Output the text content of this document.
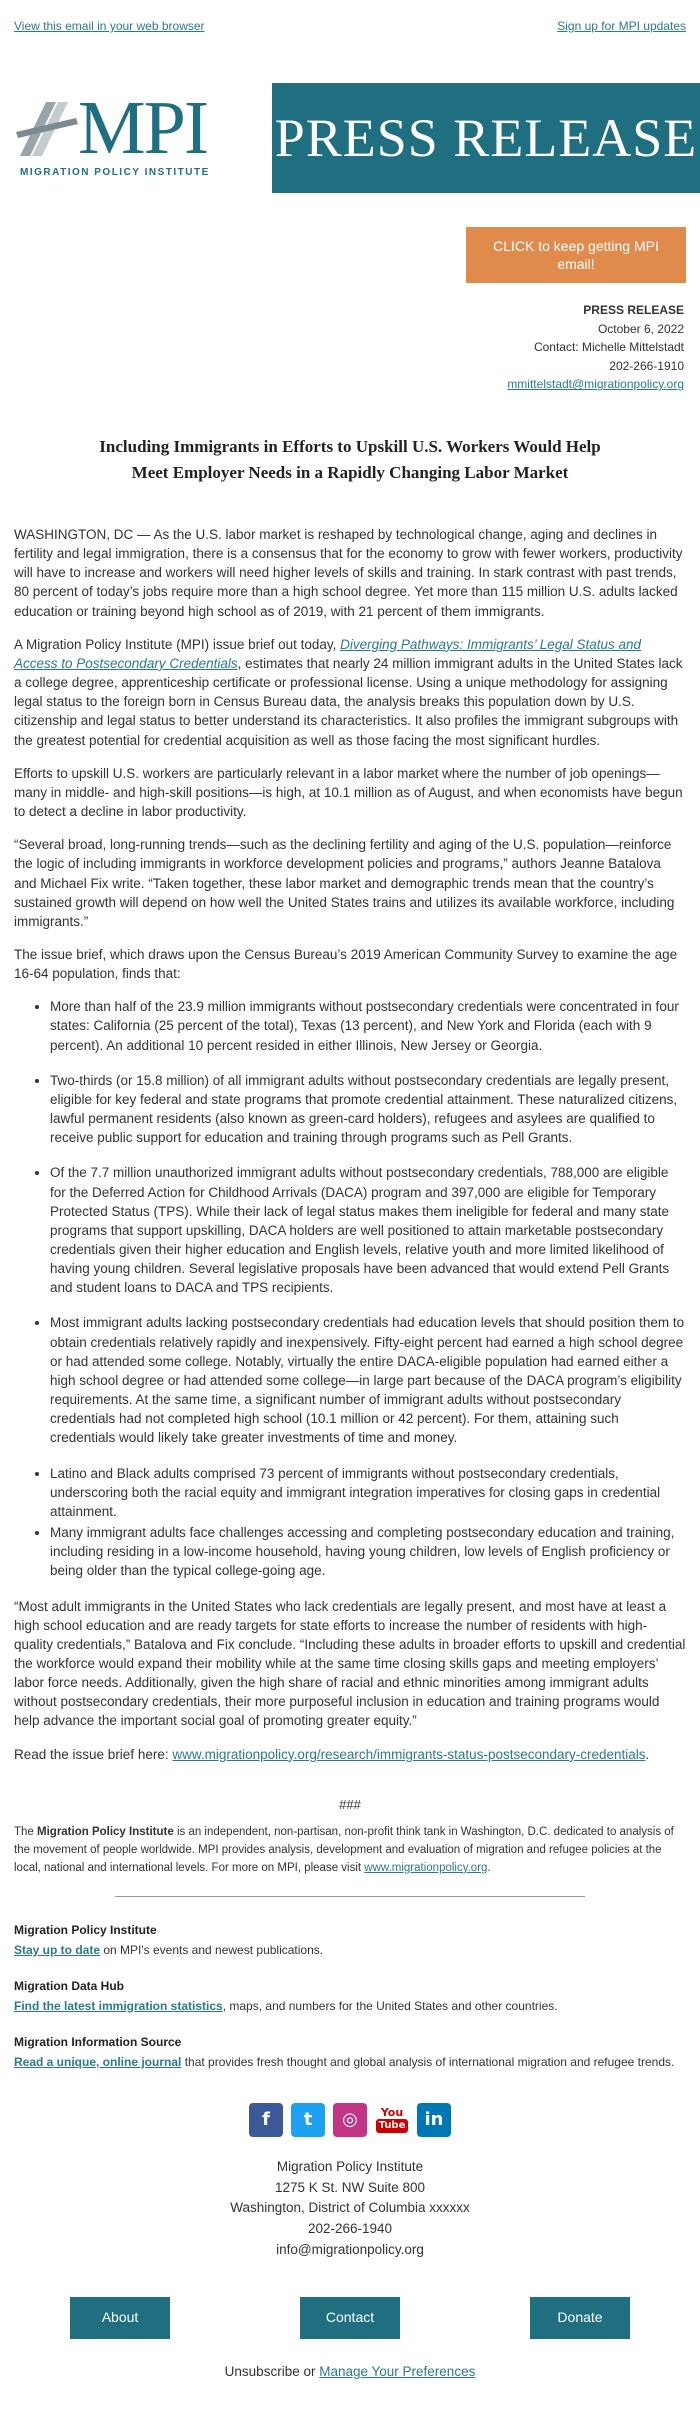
View this email in your web browser	Sign up for MPI updates
MPI
MIGRATION POLICY INSTITUTE
PRESS RELEASE
CLICK to keep getting MPI email!
PRESS RELEASE
October 6, 2022
Contact: Michelle Mittelstadt
202-266-1910
mmittelstadt@migrationpolicy.org
Including Immigrants in Efforts to Upskill U.S. Workers Would Help Meet Employer Needs in a Rapidly Changing Labor Market

WASHINGTON, DC — As the U.S. labor market is reshaped by technological change, aging and declines in fertility and legal immigration, there is a consensus that for the economy to grow with fewer workers, productivity will have to increase and workers will need higher levels of skills and training. In stark contrast with past trends, 80 percent of today’s jobs require more than a high school degree. Yet more than 115 million U.S. adults lacked education or training beyond high school as of 2019, with 21 percent of them immigrants.

A Migration Policy Institute (MPI) issue brief out today, Diverging Pathways: Immigrants’ Legal Status and Access to Postsecondary Credentials, estimates that nearly 24 million immigrant adults in the United States lack a college degree, apprenticeship certificate or professional license. Using a unique methodology for assigning legal status to the foreign born in Census Bureau data, the analysis breaks this population down by U.S. citizenship and legal status to better understand its characteristics. It also profiles the immigrant subgroups with the greatest potential for credential acquisition as well as those facing the most significant hurdles.

Efforts to upskill U.S. workers are particularly relevant in a labor market where the number of job openings—many in middle- and high-skill positions—is high, at 10.1 million as of August, and when economists have begun to detect a decline in labor productivity.

“Several broad, long-running trends—such as the declining fertility and aging of the U.S. population—reinforce the logic of including immigrants in workforce development policies and programs,” authors Jeanne Batalova and Michael Fix write. “Taken together, these labor market and demographic trends mean that the country’s sustained growth will depend on how well the United States trains and utilizes its available workforce, including immigrants.”

The issue brief, which draws upon the Census Bureau’s 2019 American Community Survey to examine the age 16-64 population, finds that:

• More than half of the 23.9 million immigrants without postsecondary credentials were concentrated in four states: California (25 percent of the total), Texas (13 percent), and New York and Florida (each with 9 percent). An additional 10 percent resided in either Illinois, New Jersey or Georgia.
• Two-thirds (or 15.8 million) of all immigrant adults without postsecondary credentials are legally present, eligible for key federal and state programs that promote credential attainment. These naturalized citizens, lawful permanent residents (also known as green-card holders), refugees and asylees are qualified to receive public support for education and training through programs such as Pell Grants.
• Of the 7.7 million unauthorized immigrant adults without postsecondary credentials, 788,000 are eligible for the Deferred Action for Childhood Arrivals (DACA) program and 397,000 are eligible for Temporary Protected Status (TPS). While their lack of legal status makes them ineligible for federal and many state programs that support upskilling, DACA holders are well positioned to attain marketable postsecondary credentials given their higher education and English levels, relative youth and more limited likelihood of having young children. Several legislative proposals have been advanced that would extend Pell Grants and student loans to DACA and TPS recipients.
• Most immigrant adults lacking postsecondary credentials had education levels that should position them to obtain credentials relatively rapidly and inexpensively. Fifty-eight percent had earned a high school degree or had attended some college. Notably, virtually the entire DACA-eligible population had earned either a high school degree or had attended some college—in large part because of the DACA program’s eligibility requirements. At the same time, a significant number of immigrant adults without postsecondary credentials had not completed high school (10.1 million or 42 percent). For them, attaining such credentials would likely take greater investments of time and money.
• Latino and Black adults comprised 73 percent of immigrants without postsecondary credentials, underscoring both the racial equity and immigrant integration imperatives for closing gaps in credential attainment.
• Many immigrant adults face challenges accessing and completing postsecondary education and training, including residing in a low-income household, having young children, low levels of English proficiency or being older than the typical college-going age.

“Most adult immigrants in the United States who lack credentials are legally present, and most have at least a high school education and are ready targets for state efforts to increase the number of residents with high-quality credentials,” Batalova and Fix conclude. “Including these adults in broader efforts to upskill and credential the workforce would expand their mobility while at the same time closing skills gaps and meeting employers’ labor force needs. Additionally, given the high share of racial and ethnic minorities among immigrant adults without postsecondary credentials, their more purposeful inclusion in education and training programs would help advance the important social goal of promoting greater equity.”

Read the issue brief here: www.migrationpolicy.org/research/immigrants-status-postsecondary-credentials.

###
The Migration Policy Institute is an independent, non-partisan, non-profit think tank in Washington, D.C. dedicated to analysis of the movement of people worldwide. MPI provides analysis, development and evaluation of migration and refugee policies at the local, national and international levels. For more on MPI, please visit www.migrationpolicy.org.
Migration Policy Institute
Stay up to date on MPI's events and newest publications.
Migration Data Hub
Find the latest immigration statistics, maps, and numbers for the United States and other countries.
Migration Information Source
Read a unique, online journal that provides fresh thought and global analysis of international migration and refugee trends.
f	t	◎	You
Tube	in
Migration Policy Institute
1275 K St. NW Suite 800
Washington, District of Columbia xxxxxx
202-266-1940
info@migrationpolicy.org
About	Contact	Donate
Unsubscribe or Manage Your Preferences
